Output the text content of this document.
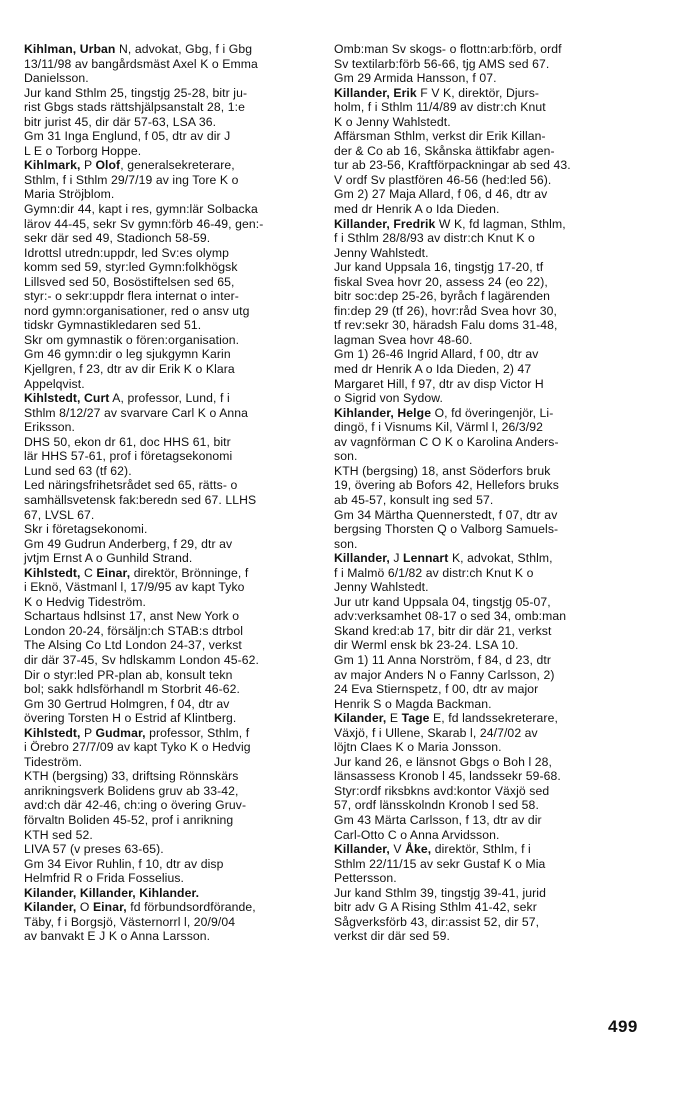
Kihlman, Urban N, advokat, Gbg, f i Gbg
13/11/98 av bangårdsmäst Axel K o Emma
Danielsson.
Jur kand Sthlm 25, tingstjg 25-28, bitr ju-
rist Gbgs stads rättshjälpsanstalt 28, 1:e
bitr jurist 45, dir där 57-63, LSA 36.
Gm 31 Inga Englund, f 05, dtr av dir J
L E o Torborg Hoppe.
Kihlmark, P Olof, generalsekreterare,
Sthlm, f i Sthlm 29/7/19 av ing Tore K o
Maria Ströjblom.
Gymn:dir 44, kapt i res, gymn:lär Solbacka
lärov 44-45, sekr Sv gymn:förb 46-49, gen:-
sekr där sed 49, Stadionch 58-59.
Idrottsl utredn:uppdr, led Sv:es olymp
komm sed 59, styr:led Gymn:folkhögsk
Lillsved sed 50, Bosöstiftelsen sed 65,
styr:- o sekr:uppdr flera internat o inter-
nord gymn:organisationer, red o ansv utg
tidskr Gymnastikledaren sed 51.
Skr om gymnastik o fören:organisation.
Gm 46 gymn:dir o leg sjukgymn Karin
Kjellgren, f 23, dtr av dir Erik K o Klara
Appelqvist.
Kihlstedt, Curt A, professor, Lund, f i
Sthlm 8/12/27 av svarvare Carl K o Anna
Eriksson.
DHS 50, ekon dr 61, doc HHS 61, bitr
lär HHS 57-61, prof i företagsekonomi
Lund sed 63 (tf 62).
Led näringsfrihetsrådet sed 65, rätts- o
samhällsvetensk fak:beredn sed 67. LLHS
67, LVSL 67.
Skr i företagsekonomi.
Gm 49 Gudrun Anderberg, f 29, dtr av
jvtjm Ernst A o Gunhild Strand.
Kihlstedt, C Einar, direktör, Brönninge, f
i Eknö, Västmanl l, 17/9/95 av kapt Tyko
K o Hedvig Tideström.
Schartaus hdlsinst 17, anst New York o
London 20-24, försäljn:ch STAB:s dtrbol
The Alsing Co Ltd London 24-37, verkst
dir där 37-45, Sv hdlskamm London 45-62.
Dir o styr:led PR-plan ab, konsult tekn
bol; sakk hdlsförhandl m Storbrit 46-62.
Gm 30 Gertrud Holmgren, f 04, dtr av
övering Torsten H o Estrid af Klintberg.
Kihlstedt, P Gudmar, professor, Sthlm, f
i Örebro 27/7/09 av kapt Tyko K o Hedvig
Tideström.
KTH (bergsing) 33, driftsing Rönnskärs
anrikningsverk Bolidens gruv ab 33-42,
avd:ch där 42-46, ch:ing o övering Gruv-
förvaltn Boliden 45-52, prof i anrikning
KTH sed 52.
LIVA 57 (v preses 63-65).
Gm 34 Eivor Ruhlin, f 10, dtr av disp
Helmfrid R o Frida Fosselius.
Kilander, Killander, Kihlander.
Kilander, O Einar, fd förbundsordförande,
Täby, f i Borgsjö, Västernorrl l, 20/9/04
av banvakt E J K o Anna Larsson.
Omb:man Sv skogs- o flottn:arb:förb, ordf
Sv textilarb:förb 56-66, tjg AMS sed 67.
Gm 29 Armida Hansson, f 07.
Killander, Erik F V K, direktör, Djurs-
holm, f i Sthlm 11/4/89 av distr:ch Knut
K o Jenny Wahlstedt.
Affärsman Sthlm, verkst dir Erik Killan-
der & Co ab 16, Skånska ättikfabr agen-
tur ab 23-56, Kraftförpackningar ab sed 43.
V ordf Sv plastfören 46-56 (hed:led 56).
Gm 2) 27 Maja Allard, f 06, d 46, dtr av
med dr Henrik A o Ida Dieden.
Killander, Fredrik W K, fd lagman, Sthlm,
f i Sthlm 28/8/93 av distr:ch Knut K o
Jenny Wahlstedt.
Jur kand Uppsala 16, tingstjg 17-20, tf
fiskal Svea hovr 20, assess 24 (eo 22),
bitr soc:dep 25-26, byråch f lagärenden
fin:dep 29 (tf 26), hovr:råd Svea hovr 30,
tf rev:sekr 30, häradsh Falu doms 31-48,
lagman Svea hovr 48-60.
Gm 1) 26-46 Ingrid Allard, f 00, dtr av
med dr Henrik A o Ida Dieden, 2) 47
Margaret Hill, f 97, dtr av disp Victor H
o Sigrid von Sydow.
Kihlander, Helge O, fd överingenjör, Li-
dingö, f i Visnums Kil, Värml l, 26/3/92
av vagnförman C O K o Karolina Anders-
son.
KTH (bergsing) 18, anst Söderfors bruk
19, övering ab Bofors 42, Hellefors bruks
ab 45-57, konsult ing sed 57.
Gm 34 Märtha Quennerstedt, f 07, dtr av
bergsing Thorsten Q o Valborg Samuels-
son.
Killander, J Lennart K, advokat, Sthlm,
f i Malmö 6/1/82 av distr:ch Knut K o
Jenny Wahlstedt.
Jur utr kand Uppsala 04, tingstjg 05-07,
adv:verksamhet 08-17 o sed 34, omb:man
Skand kred:ab 17, bitr dir där 21, verkst
dir Werml ensk bk 23-24. LSA 10.
Gm 1) 11 Anna Norström, f 84, d 23, dtr
av major Anders N o Fanny Carlsson, 2)
24 Eva Stiernspetz, f 00, dtr av major
Henrik S o Magda Backman.
Kilander, E Tage E, fd landssekreterare,
Växjö, f i Ullene, Skarab l, 24/7/02 av
löjtn Claes K o Maria Jonsson.
Jur kand 26, e länsnot Gbgs o Boh l 28,
länsassess Kronob l 45, landssekr 59-68.
Styr:ordf riksbkns avd:kontor Växjö sed
57, ordf länsskolndn Kronob l sed 58.
Gm 43 Märta Carlsson, f 13, dtr av dir
Carl-Otto C o Anna Arvidsson.
Killander, V Åke, direktör, Sthlm, f i
Sthlm 22/11/15 av sekr Gustaf K o Mia
Pettersson.
Jur kand Sthlm 39, tingstjg 39-41, jurid
bitr adv G A Rising Sthlm 41-42, sekr
Sågverksförb 43, dir:assist 52, dir 57,
verkst dir där sed 59.
499
